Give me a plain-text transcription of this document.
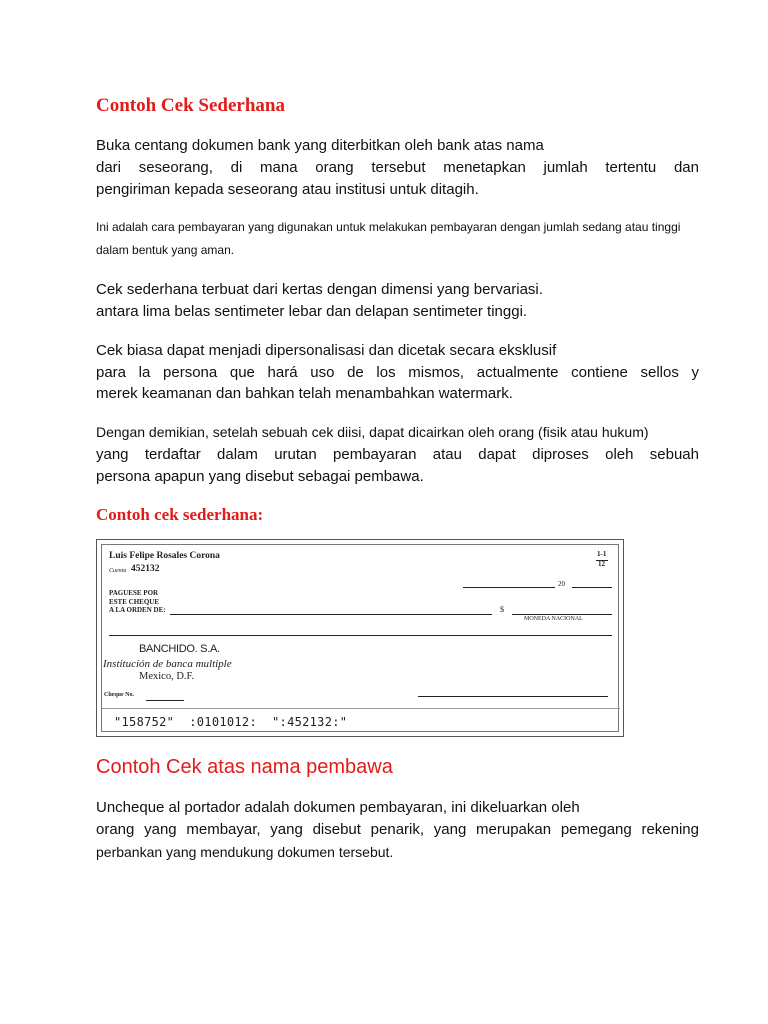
Contoh Cek Sederhana

Buka centang dokumen bank yang diterbitkan oleh bank atas nama

dari seseorang, di mana orang tersebut menetapkan jumlah tertentu dan

pengiriman kepada seseorang atau institusi untuk ditagih.

Ini adalah cara pembayaran yang digunakan untuk melakukan pembayaran dengan jumlah sedang atau tinggi

dalam bentuk yang aman.

Cek sederhana terbuat dari kertas dengan dimensi yang bervariasi.

antara lima belas sentimeter lebar dan delapan sentimeter tinggi.

Cek biasa dapat menjadi dipersonalisasi dan dicetak secara eksklusif

para la persona que hará uso de los mismos, actualmente contiene sellos y

merek keamanan dan bahkan telah menambahkan watermark.

Dengan demikian, setelah sebuah cek diisi, dapat dicairkan oleh orang (fisik atau hukum)

yang terdaftar dalam urutan pembayaran atau dapat diproses oleh sebuah

persona apapun yang disebut sebagai pembawa.

Contoh cek sederhana:
Luis Felipe Rosales Corona
Cuenta 452132
1-1
12
20
PAGUESE POR
ESTE CHEQUE
A LA ORDEN DE:	$
MONEDA NACIONAL
BANCHIDO. S.A.
Institución de banca multiple
Mexico, D.F.
Cheque No.
"158752"  :0101012:  ":452132:"
Contoh Cek atas nama pembawa

Uncheque al portador adalah dokumen pembayaran, ini dikeluarkan oleh

orang yang membayar, yang disebut penarik, yang merupakan pemegang rekening

perbankan yang mendukung dokumen tersebut.
